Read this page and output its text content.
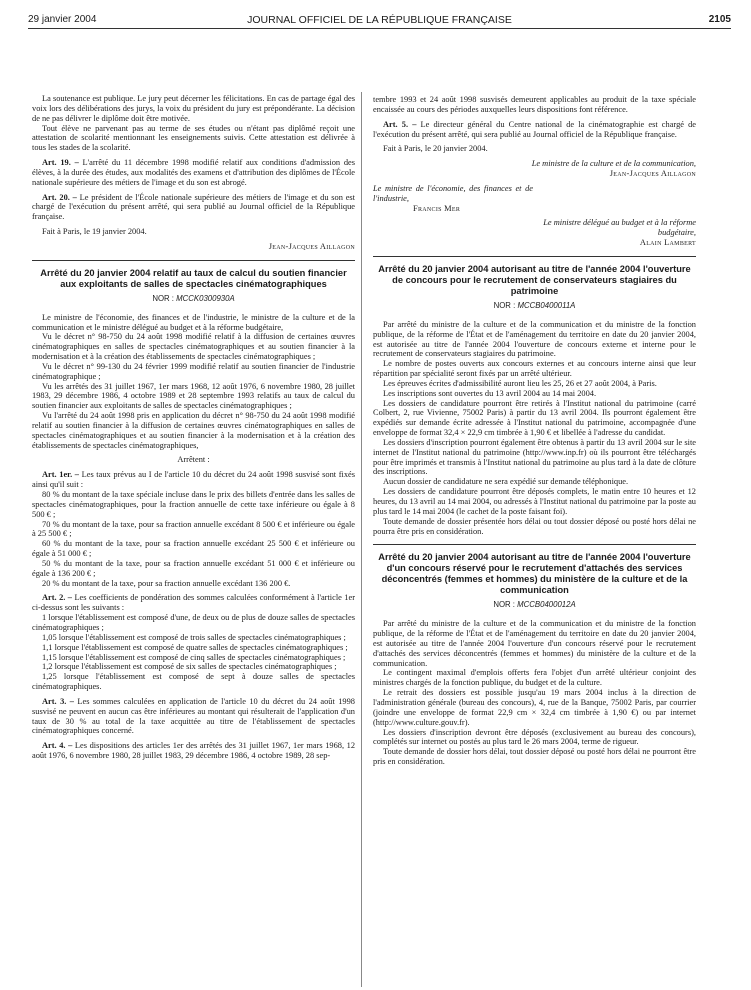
29 janvier 2004	JOURNAL OFFICIEL DE LA RÉPUBLIQUE FRANÇAISE	2105

La soutenance est publique. Le jury peut décerner les félicitations. En cas de partage égal des voix lors des délibérations des jurys, la voix du président du jury est prépondérante. La décision de ne pas délivrer le diplôme doit être motivée.

Tout élève ne parvenant pas au terme de ses études ou n'étant pas diplômé reçoit une attestation de scolarité mentionnant les enseignements suivis. Cette attestation est délivrée à tous les stades de la scolarité.

Art. 19. – L'arrêté du 11 décembre 1998 modifié relatif aux conditions d'admission des élèves, à la durée des études, aux modalités des examens et d'attribution des diplômes de l'École nationale supérieure des métiers de l'image et du son est abrogé.

Art. 20. – Le président de l'École nationale supérieure des métiers de l'image et du son est chargé de l'exécution du présent arrêté, qui sera publié au Journal officiel de la République française.

Fait à Paris, le 19 janvier 2004.

Jean-Jacques Aillagon

Arrêté du 20 janvier 2004 relatif au taux de calcul du soutien financier aux exploitants de salles de spectacles cinématographiques
NOR : MCCK0300930A

Le ministre de l'économie, des finances et de l'industrie, le ministre de la culture et de la communication et le ministre délégué au budget et à la réforme budgétaire,

Vu le décret n° 98-750 du 24 août 1998 modifié relatif à la diffusion de certaines œuvres cinématographiques en salles de spectacles cinématographiques et au soutien financier à la modernisation et à la création des établissements de spectacles cinématographiques ;

Vu le décret n° 99-130 du 24 février 1999 modifié relatif au soutien financier de l'industrie cinématographique ;

Vu les arrêtés des 31 juillet 1967, 1er mars 1968, 12 août 1976, 6 novembre 1980, 28 juillet 1983, 29 décembre 1986, 4 octobre 1989 et 28 septembre 1993 relatifs au taux de calcul du soutien financier aux exploitants de salles de spectacles cinématographiques ;

Vu l'arrêté du 24 août 1998 pris en application du décret n° 98-750 du 24 août 1998 modifié relatif au soutien financier à la diffusion de certaines œuvres cinématographiques en salles de spectacles cinématographiques et au soutien financier à la modernisation et à la création des établissements de spectacles cinématographiques,

Arrêtent :

Art. 1er. – Les taux prévus au I de l'article 10 du décret du 24 août 1998 susvisé sont fixés ainsi qu'il suit :

80 % du montant de la taxe spéciale incluse dans le prix des billets d'entrée dans les salles de spectacles cinématographiques, pour la fraction annuelle de cette taxe inférieure ou égale à 8 500 € ;

70 % du montant de la taxe, pour sa fraction annuelle excédant 8 500 € et inférieure ou égale à 25 500 € ;

60 % du montant de la taxe, pour sa fraction annuelle excédant 25 500 € et inférieure ou égale à 51 000 € ;

50 % du montant de la taxe, pour sa fraction annuelle excédant 51 000 € et inférieure ou égale à 136 200 € ;

20 % du montant de la taxe, pour sa fraction annuelle excédant 136 200 €.

Art. 2. – Les coefficients de pondération des sommes calculées conformément à l'article 1er ci-dessus sont les suivants :

1 lorsque l'établissement est composé d'une, de deux ou de plus de douze salles de spectacles cinématographiques ;

1,05 lorsque l'établissement est composé de trois salles de spectacles cinématographiques ;

1,1 lorsque l'établissement est composé de quatre salles de spectacles cinématographiques ;

1,15 lorsque l'établissement est composé de cinq salles de spectacles cinématographiques ;

1,2 lorsque l'établissement est composé de six salles de spectacles cinématographiques ;

1,25 lorsque l'établissement est composé de sept à douze salles de spectacles cinématographiques.

Art. 3. – Les sommes calculées en application de l'article 10 du décret du 24 août 1998 susvisé ne peuvent en aucun cas être inférieures au montant qui résulterait de l'application d'un taux de 30 % au total de la taxe acquittée au titre de l'établissement de spectacles cinématographiques concerné.

Art. 4. – Les dispositions des articles 1er des arrêtés des 31 juillet 1967, 1er mars 1968, 12 août 1976, 6 novembre 1980, 28 juillet 1983, 29 décembre 1986, 4 octobre 1989, 28 sep-

tembre 1993 et 24 août 1998 susvisés demeurent applicables au produit de la taxe spéciale encaissée au cours des périodes auxquelles leurs dispositions font référence.

Art. 5. – Le directeur général du Centre national de la cinématographie est chargé de l'exécution du présent arrêté, qui sera publié au Journal officiel de la République française.

Fait à Paris, le 20 janvier 2004.

Le ministre de la culture et de la communication,

Jean-Jacques Aillagon

Le ministre de l'économie, des finances et de l'industrie,

Francis Mer

Le ministre délégué au budget et à la réforme budgétaire,

Alain Lambert

Arrêté du 20 janvier 2004 autorisant au titre de l'année 2004 l'ouverture de concours pour le recrutement de conservateurs stagiaires du patrimoine
NOR : MCCB0400011A

Par arrêté du ministre de la culture et de la communication et du ministre de la fonction publique, de la réforme de l'État et de l'aménagement du territoire en date du 20 janvier 2004, est autorisée au titre de l'année 2004 l'ouverture de concours externe et interne pour le recrutement de conservateurs stagiaires du patrimoine.

Le nombre de postes ouverts aux concours externes et au concours interne ainsi que leur répartition par spécialité seront fixés par un arrêté ultérieur.

Les épreuves écrites d'admissibilité auront lieu les 25, 26 et 27 août 2004, à Paris.

Les inscriptions sont ouvertes du 13 avril 2004 au 14 mai 2004.

Les dossiers de candidature pourront être retirés à l'Institut national du patrimoine (carré Colbert, 2, rue Vivienne, 75002 Paris) à partir du 13 avril 2004. Ils pourront également être expédiés sur demande écrite adressée à l'Institut national du patrimoine, accompagnée d'une enveloppe de format 32,4 × 22,9 cm timbrée à 1,90 € et libellée à l'adresse du candidat.

Les dossiers d'inscription pourront également être obtenus à partir du 13 avril 2004 sur le site internet de l'Institut national du patrimoine (http://www.inp.fr) où ils pourront être téléchargés pour être imprimés et transmis à l'Institut national du patrimoine au plus tard à la date de clôture des inscriptions.

Aucun dossier de candidature ne sera expédié sur demande téléphonique.

Les dossiers de candidature pourront être déposés complets, le matin entre 10 heures et 12 heures, du 13 avril au 14 mai 2004, ou adressés à l'Institut national du patrimoine par la poste au plus tard le 14 mai 2004 (le cachet de la poste faisant foi).

Toute demande de dossier présentée hors délai ou tout dossier déposé ou posté hors délai ne pourra être pris en considération.

Arrêté du 20 janvier 2004 autorisant au titre de l'année 2004 l'ouverture d'un concours réservé pour le recrutement d'attachés des services déconcentrés (femmes et hommes) du ministère de la culture et de la communication
NOR : MCCB0400012A

Par arrêté du ministre de la culture et de la communication et du ministre de la fonction publique, de la réforme de l'État et de l'aménagement du territoire en date du 20 janvier 2004, est autorisée au titre de l'année 2004 l'ouverture d'un concours réservé pour le recrutement d'attachés des services déconcentrés (femmes et hommes) du ministère de la culture et de la communication.

Le contingent maximal d'emplois offerts fera l'objet d'un arrêté ultérieur conjoint des ministres chargés de la fonction publique, du budget et de la culture.

Le retrait des dossiers est possible jusqu'au 19 mars 2004 inclus à la direction de l'administration générale (bureau des concours), 4, rue de la Banque, 75002 Paris, par courrier (joindre une enveloppe de format 22,9 cm × 32,4 cm timbrée à 1,90 €) ou par internet (http://www.culture.gouv.fr).

Les dossiers d'inscription devront être déposés (exclusivement au bureau des concours), complétés sur internet ou postés au plus tard le 26 mars 2004, terme de rigueur.

Toute demande de dossier hors délai, tout dossier déposé ou posté hors délai ne pourront être pris en considération.
